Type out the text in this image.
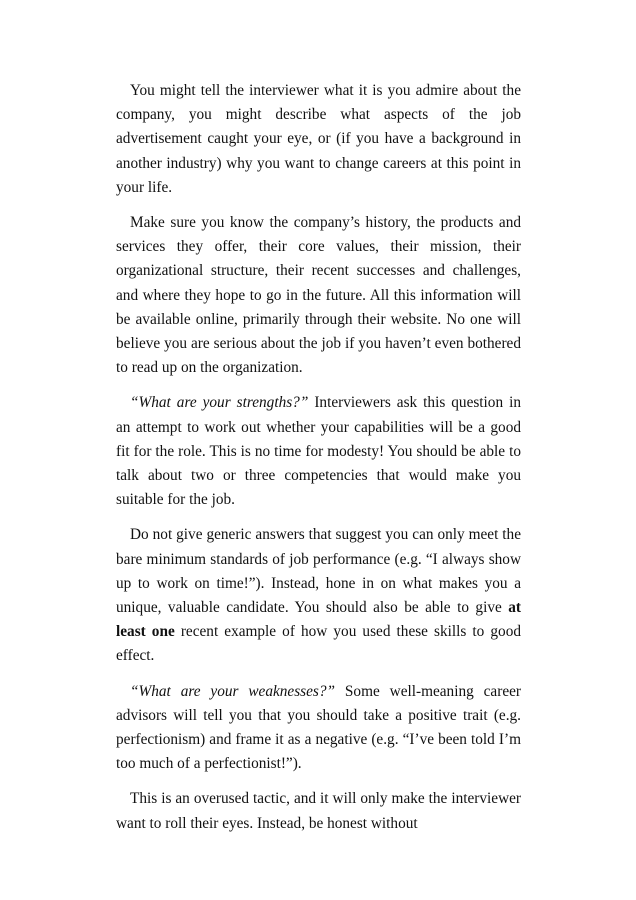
You might tell the interviewer what it is you admire about the company, you might describe what aspects of the job advertisement caught your eye, or (if you have a background in another industry) why you want to change careers at this point in your life.

Make sure you know the company’s history, the products and services they offer, their core values, their mission, their organizational structure, their recent successes and challenges, and where they hope to go in the future. All this information will be available online, primarily through their website. No one will believe you are serious about the job if you haven’t even bothered to read up on the organization.

“What are your strengths?” Interviewers ask this question in an attempt to work out whether your capabilities will be a good fit for the role. This is no time for modesty! You should be able to talk about two or three competencies that would make you suitable for the job.

Do not give generic answers that suggest you can only meet the bare minimum standards of job performance (e.g. “I always show up to work on time!”). Instead, hone in on what makes you a unique, valuable candidate. You should also be able to give at least one recent example of how you used these skills to good effect.

“What are your weaknesses?” Some well-meaning career advisors will tell you that you should take a positive trait (e.g. perfectionism) and frame it as a negative (e.g. “I’ve been told I’m too much of a perfectionist!”).

This is an overused tactic, and it will only make the interviewer want to roll their eyes. Instead, be honest without
